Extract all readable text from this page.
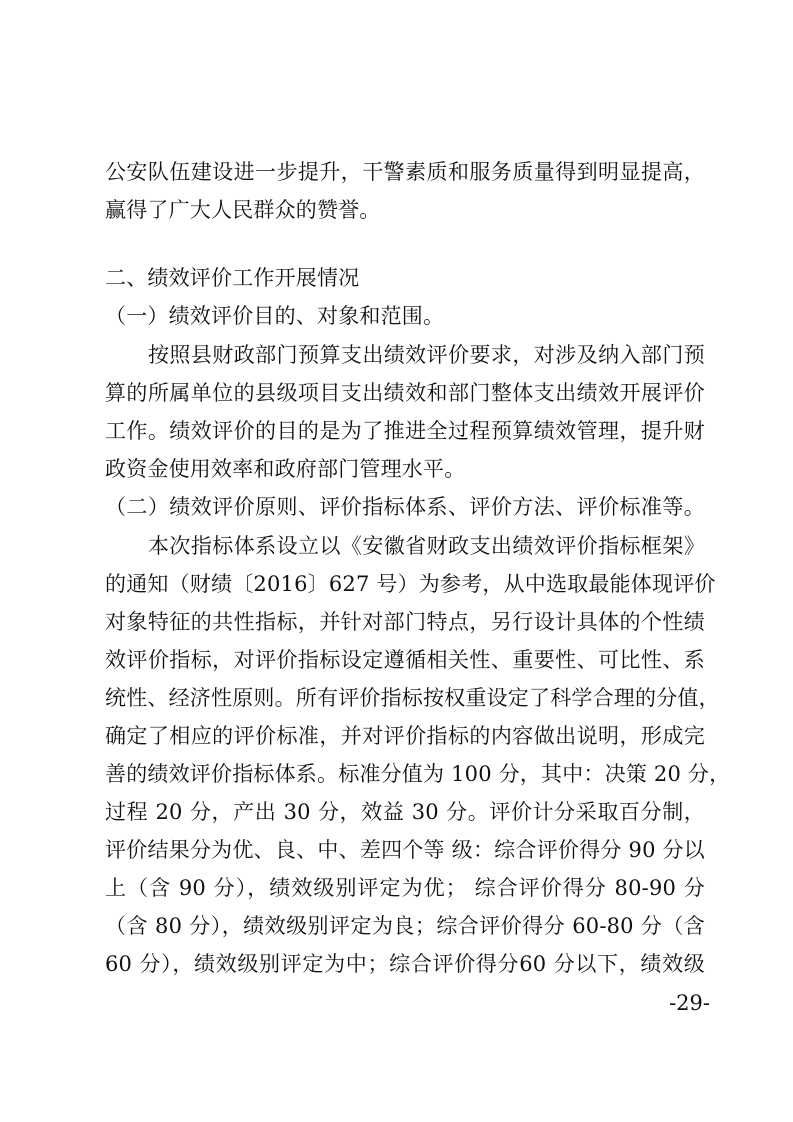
公安队伍建设进一步提升，干警素质和服务质量得到明显提高，
赢得了广大人民群众的赞誉。
二、绩效评价工作开展情况
（一）绩效评价目的、对象和范围。
按照县财政部门预算支出绩效评价要求，对涉及纳入部门预
算的所属单位的县级项目支出绩效和部门整体支出绩效开展评价
工作。绩效评价的目的是为了推进全过程预算绩效管理，提升财
政资金使用效率和政府部门管理水平。
（二）绩效评价原则、评价指标体系、评价方法、评价标准等。
本次指标体系设立以《安徽省财政支出绩效评价指标框架》
的通知（财绩〔2016〕627 号）为参考，从中选取最能体现评价
对象特征的共性指标，并针对部门特点，另行设计具体的个性绩
效评价指标，对评价指标设定遵循相关性、重要性、可比性、系
统性、经济性原则。所有评价指标按权重设定了科学合理的分值，
确定了相应的评价标准，并对评价指标的内容做出说明，形成完
善的绩效评价指标体系。标准分值为 100 分，其中：决策 20 分，
过程 20 分，产出 30 分，效益 30 分。评价计分采取百分制，
评价结果分为优、良、中、差四个等 级：综合评价得分 90 分以
上（含 90 分），绩效级别评定为优； 综合评价得分 80-90 分
（含 80 分），绩效级别评定为良；综合评价得分 60-80 分（含
60 分），绩效级别评定为中；综合评价得分60 分以下，绩效级
-29-
